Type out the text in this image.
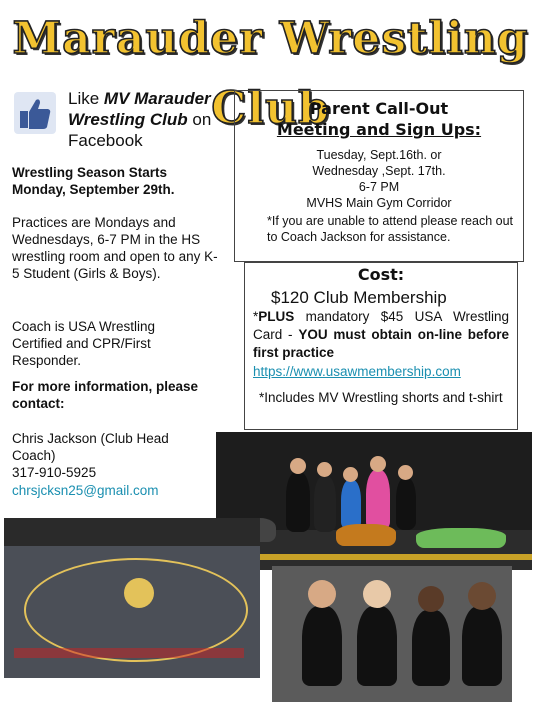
Marauder Wrestling Club
Like MV Marauder Wrestling Club on Facebook
Wrestling Season Starts Monday, September 29th.
Practices are Mondays and Wednesdays, 6-7 PM in the HS wrestling room and open to any K-5 Student (Girls & Boys).
Coach is USA Wrestling Certified and CPR/First Responder.
For more information, please contact:
Chris Jackson (Club Head Coach)
317-910-5925
chrsjcksn25@gmail.com
Parent Call-Out
Meeting and Sign Ups:
Tuesday, Sept.16th. or
Wednesday ,Sept. 17th.
6-7 PM
MVHS Main Gym Corridor
*If you are unable to attend please reach out to Coach Jackson for assistance.
Cost:
$120 Club Membership
*PLUS mandatory $45 USA Wrestling Card - YOU must obtain on-line before first practice
https://www.usawmembership.com
*Includes MV Wrestling shorts and t-shirt
